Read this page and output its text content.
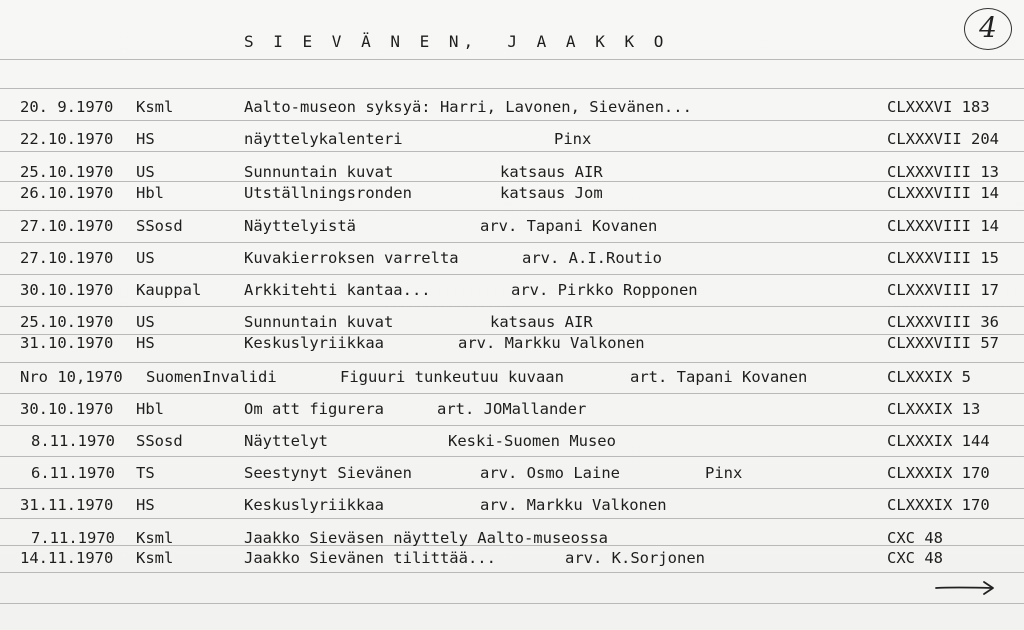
S I E V Ä N E N,  J A A K K O	4
20. 9.1970 Ksml	Aalto-museon syksyä: Harri, Lavonen, Sievänen...	CLXXXVI 183
22.10.1970 HS	näyttelykalenteri	Pinx	CLXXXVII 204
25.10.1970 US	Sunnuntain kuvat	katsaus AIR	CLXXXVIII 13
26.10.1970 Hbl	Utställningsronden	katsaus Jom	CLXXXVIII 14
27.10.1970 SSosd	Näyttelyistä	arv. Tapani Kovanen	CLXXXVIII 14
27.10.1970 US	Kuvakierroksen varrelta	arv. A.I.Routio	CLXXXVIII 15
30.10.1970 Kauppal	Arkkitehti kantaa...	arv. Pirkko Ropponen	CLXXXVIII 17
25.10.1970 US	Sunnuntain kuvat	katsaus AIR	CLXXXVIII 36
31.10.1970 HS	Keskuslyriikkaa	arv. Markku Valkonen	CLXXXVIII 57
Nro 10,1970 SuomenInvalidi	Figuuri tunkeutuu kuvaan	art. Tapani Kovanen	CLXXXIX 5
30.10.1970 Hbl	Om att figurera	art. JOMallander	CLXXXIX 13
8.11.1970 SSosd	Näyttelyt	Keski-Suomen Museo	CLXXXIX 144
6.11.1970 TS	Seestynyt Sievänen	arv. Osmo Laine	Pinx	CLXXXIX 170
31.11.1970 HS	Keskuslyriikkaa	arv. Markku Valkonen	CLXXXIX 170
7.11.1970 Ksml	Jaakko Sieväsen näyttely Aalto-museossa	CXC 48
14.11.1970 Ksml	Jaakko Sievänen tilittää...	arv. K.Sorjonen	CXC 48
